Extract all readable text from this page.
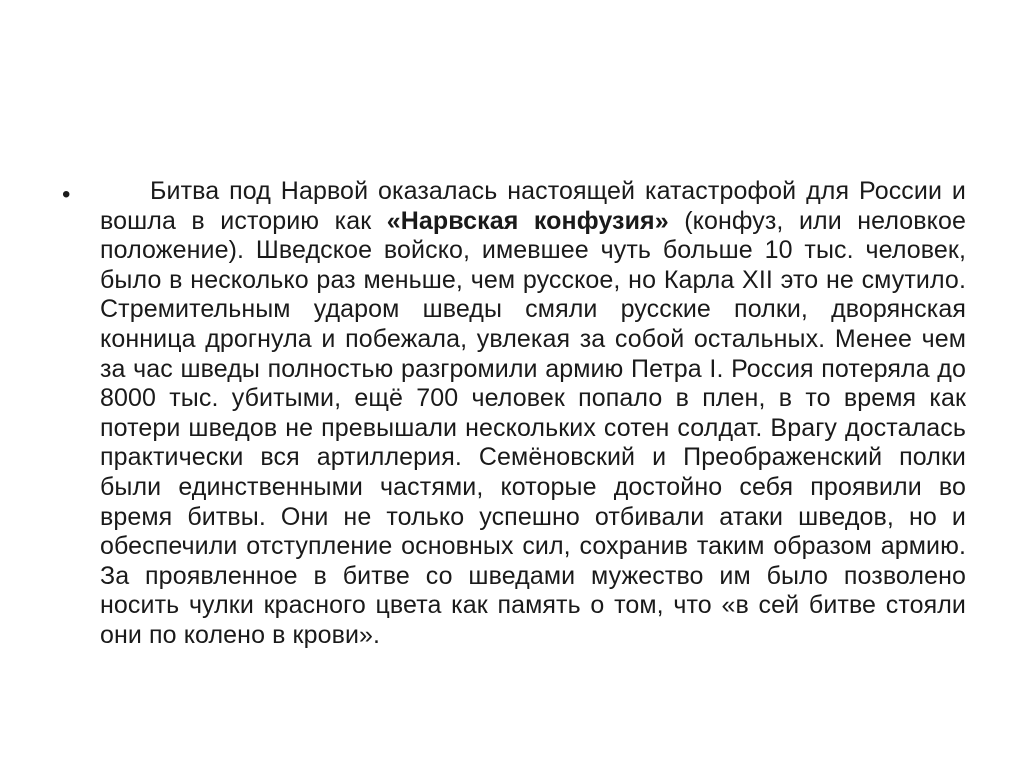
•	Битва под Нарвой оказалась настоящей катастрофой для России и вошла в историю как «Нарвская конфузия» (конфуз, или неловкое положение). Шведское войско, имевшее чуть больше 10 тыс. человек, было в несколько раз меньше, чем русское, но Карла XII это не смутило. Стремительным ударом шведы смяли русские полки, дворянская конница дрогнула и побежала, увлекая за собой остальных. Менее чем за час шведы полностью разгромили армию Петра I. Россия потеряла до 8000 тыс. убитыми, ещё 700 человек попало в плен, в то время как потери шведов не превышали нескольких сотен солдат. Врагу досталась практически вся артиллерия. Семёновский и Преображенский полки были единственными частями, которые достойно себя проявили во время битвы. Они не только успешно отбивали атаки шведов, но и обеспечили отступление основных сил, сохранив таким образом армию. За проявленное в битве со шведами мужество им было позволено носить чулки красного цвета как память о том, что «в сей битве стояли они по колено в крови».
